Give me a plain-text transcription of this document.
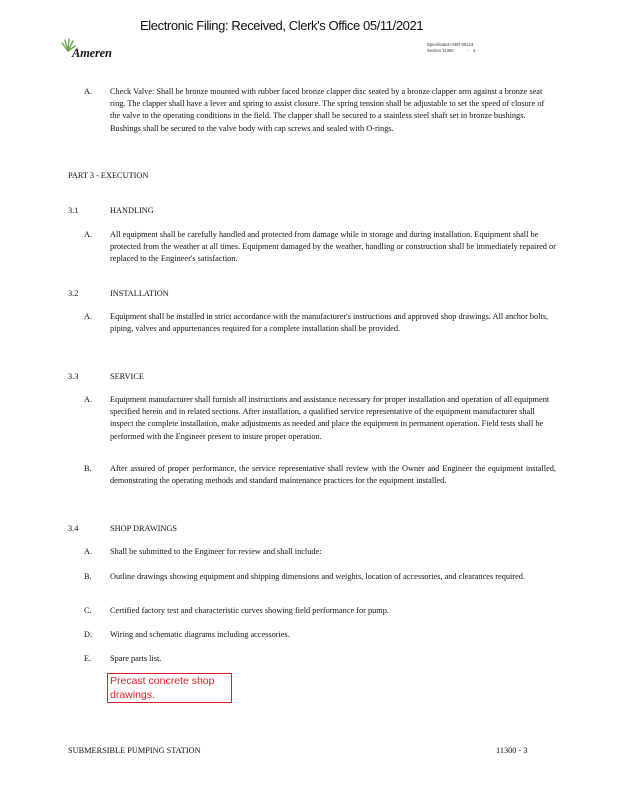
Electronic Filing: Received, Clerk's Office 05/11/2021
Ameren
Specification AER-09123
Section 11300	- 3
A. Check Valve: Shall be bronze mounted with rubber faced bronze clapper disc seated by a bronze clapper arm against a bronze seat ring. The clapper shall have a lever and spring to assist closure. The spring tension shall be adjustable to set the speed of closure of the valve to the operating conditions in the field. The clapper shall be secured to a stainless steel shaft set in bronze bushings. Bushings shall be secured to the valve body with cap screws and sealed with O-rings.
PART 3 - EXECUTION
3.1	HANDLING
A. All equipment shall be carefully handled and protected from damage while in storage and during installation. Equipment shall be protected from the weather at all times. Equipment damaged by the weather, handling or construction shall be immediately repaired or replaced to the Engineer's satisfaction.
3.2	INSTALLATION
A. Equipment shall be installed in strict accordance with the manufacturer's instructions and approved shop drawings. All anchor bolts, piping, valves and appurtenances required for a complete installation shall be provided.
3.3	SERVICE
A. Equipment manufacturer shall furnish all instructions and assistance necessary for proper installation and operation of all equipment specified herein and in related sections. After installation, a qualified service representative of the equipment manufacturer shall inspect the complete installation, make adjustments as needed and place the equipment in permanent operation. Field tests shall be performed with the Engineer present to insure proper operation.
B. After assured of proper performance, the service representative shall review with the Owner and Engineer the equipment installed, demonstrating the operating methods and standard maintenance practices for the equipment installed.
3.4	SHOP DRAWINGS
A. Shall be submitted to the Engineer for review and shall include:
B. Outline drawings showing equipment and shipping dimensions and weights, location of accessories, and clearances required.
C. Certified factory test and characteristic curves showing field performance for pump.
D. Wiring and schematic diagrams including accessories.
E. Spare parts list.
Precast concrete shop drawings.
SUBMERSIBLE PUMPING STATION	11300 - 3
